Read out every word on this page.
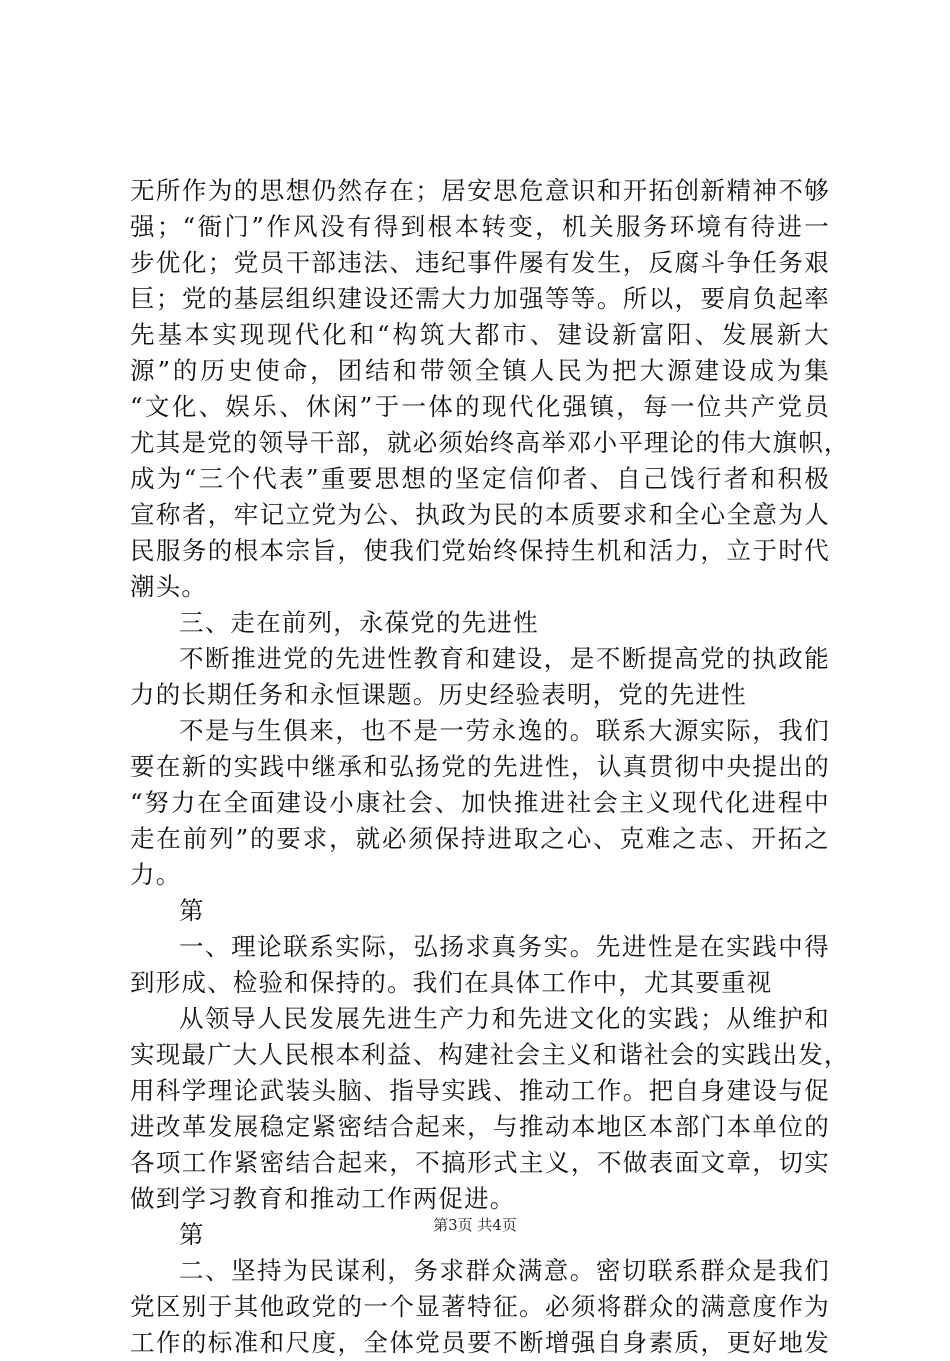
无所作为的思想仍然存在；居安思危意识和开拓创新精神不够
强；“衙门”作风没有得到根本转变，机关服务环境有待进一
步优化；党员干部违法、违纪事件屡有发生，反腐斗争任务艰
巨；党的基层组织建设还需大力加强等等。所以，要肩负起率
先基本实现现代化和“构筑大都市、建设新富阳、发展新大
源”的历史使命，团结和带领全镇人民为把大源建设成为集
“文化、娱乐、休闲”于一体的现代化强镇，每一位共产党员
尤其是党的领导干部，就必须始终高举邓小平理论的伟大旗帜，
成为“三个代表”重要思想的坚定信仰者、自己饯行者和积极
宣称者，牢记立党为公、执政为民的本质要求和全心全意为人
民服务的根本宗旨，使我们党始终保持生机和活力，立于时代
潮头。
三、走在前列，永葆党的先进性
不断推进党的先进性教育和建设，是不断提高党的执政能
力的长期任务和永恒课题。历史经验表明，党的先进性
不是与生俱来，也不是一劳永逸的。联系大源实际，我们
要在新的实践中继承和弘扬党的先进性，认真贯彻中央提出的
“努力在全面建设小康社会、加快推进社会主义现代化进程中
走在前列”的要求，就必须保持进取之心、克难之志、开拓之
力。
第
一、理论联系实际，弘扬求真务实。先进性是在实践中得
到形成、检验和保持的。我们在具体工作中，尤其要重视
从领导人民发展先进生产力和先进文化的实践；从维护和
实现最广大人民根本利益、构建社会主义和谐社会的实践出发，
用科学理论武装头脑、指导实践、推动工作。把自身建设与促
进改革发展稳定紧密结合起来，与推动本地区本部门本单位的
各项工作紧密结合起来，不搞形式主义，不做表面文章，切实
做到学习教育和推动工作两促进。
第
二、坚持为民谋利，务求群众满意。密切联系群众是我们
党区别于其他政党的一个显著特征。必须将群众的满意度作为
工作的标准和尺度，全体党员要不断增强自身素质，更好地发
第3页 共4页
